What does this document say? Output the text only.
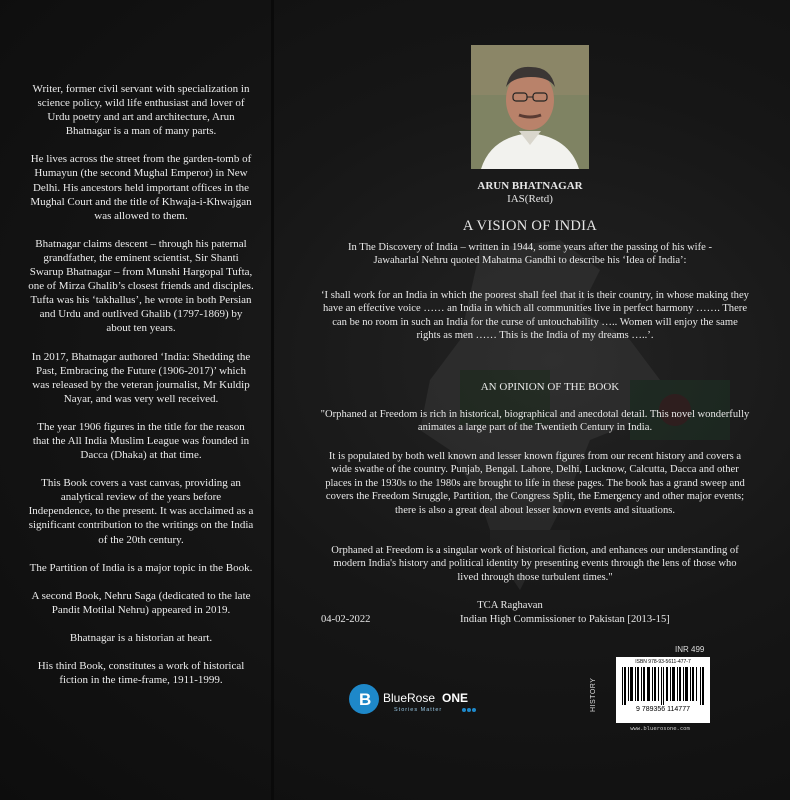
Writer, former civil servant with specialization in science policy, wild life enthusiast and lover of Urdu poetry and art and architecture, Arun Bhatnagar is a man of many parts.

He lives across the street from the garden-tomb of Humayun (the second Mughal Emperor) in New Delhi. His ancestors held important offices in the Mughal Court and the title of Khwaja-i-Khwajgan was allowed to them.

Bhatnagar claims descent – through his paternal grandfather, the eminent scientist, Sir Shanti Swarup Bhatnagar – from Munshi Hargopal Tufta, one of Mirza Ghalib’s closest friends and disciples. Tufta was his ‘takhallus’, he wrote in both Persian and Urdu and outlived Ghalib (1797-1869) by about ten years.

In 2017, Bhatnagar authored ‘India: Shedding the Past, Embracing the Future (1906-2017)’ which was released by the veteran journalist, Mr Kuldip Nayar, and was very well received.

The year 1906 figures in the title for the reason that the All India Muslim League was founded in Dacca (Dhaka) at that time.

This Book covers a vast canvas, providing an analytical review of the years before Independence, to the present. It was acclaimed as a significant contribution to the writings on the India of the 20th century.

The Partition of India is a major topic in the Book.

A second Book, Nehru Saga (dedicated to the late Pandit Motilal Nehru) appeared in 2019.

Bhatnagar is a historian at heart.

His third Book, constitutes a work of historical fiction in the time-frame, 1911-1999.

ARUN BHATNAGAR
IAS(Retd)
A VISION OF INDIA
In The Discovery of India – written in 1944, some years after the passing of his wife - Jawaharlal Nehru quoted Mahatma Gandhi to describe his ‘Idea of India’:
‘I shall work for an India in which the poorest shall feel that it is their country, in whose making they have an effective voice …… an India in which all communities live in perfect harmony ……. There can be no room in such an India for the curse of untouchability ….. Women will enjoy the same rights as men …… This is the India of my dreams …..’.
AN OPINION OF THE BOOK
"Orphaned at Freedom is rich in historical, biographical and anecdotal detail. This novel wonderfully animates a large part of the Twentieth Century in India.
It is populated by both well known and lesser known figures from our recent history and covers a wide swathe of the country. Punjab, Bengal. Lahore, Delhi, Lucknow, Calcutta, Dacca and other places in the 1930s to the 1980s are brought to life in these pages. The book has a grand sweep and covers the Freedom Struggle, Partition, the Congress Split, the Emergency and other major events; there is also a great deal about lesser known events and situations.
Orphaned at Freedom is a singular work of historical fiction, and enhances our understanding of modern India's history and political identity by presenting events through the lens of those who lived through those turbulent times."
TCA Raghavan
04-02-2022	Indian High Commissioner to Pakistan [2013-15]
B BlueRose ONE
Stories Matter
INR 499
HISTORY
ISBN 978-93-5611-477-7
9 789356 114777
www.bluerosone.com
